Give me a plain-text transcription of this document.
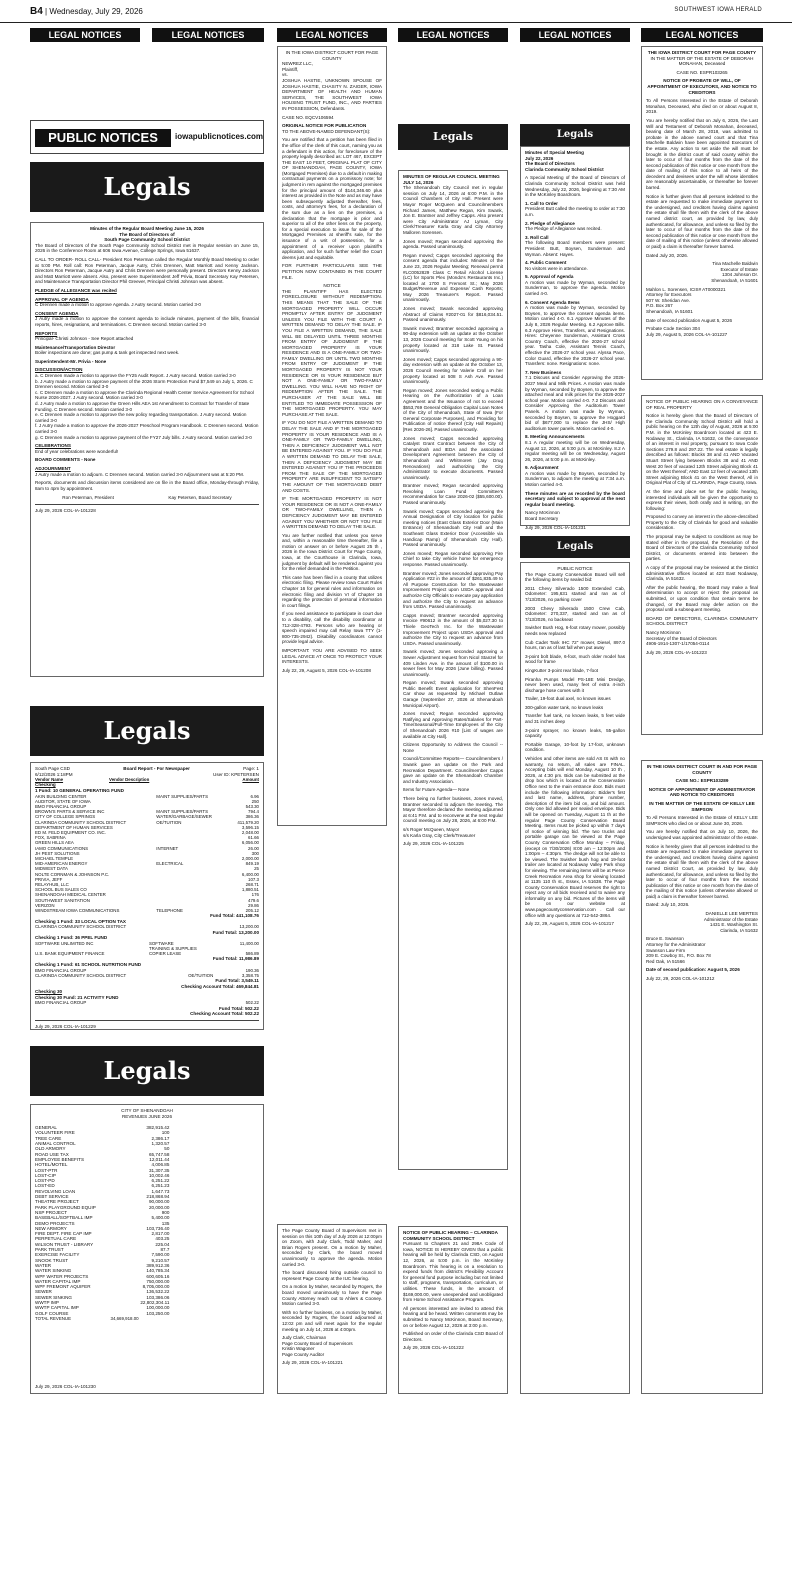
B4 | Wednesday, July 29, 2026	SOUTHWEST IOWA HERALD
LEGAL NOTICES	LEGAL NOTICES	LEGAL NOTICES	LEGAL NOTICES	LEGAL NOTICES	LEGAL NOTICES
PUBLIC NOTICES	iowapublicnotices.com
Legals
Minutes of the Regular Board Meeting June 15, 2026
The Board of Directors of
South Page Community School District

The Board of Directors of the South Page Community School District met in Regular session on June 15, 2026 in the Conference Room at 606 Iowa Avenue, College Springs, Iowa 51637.

CALL TO ORDER- ROLL CALL- President Ron Peterman called the Regular Monthly Board Meeting to order at 5:00 PM. Roll call: Ron Peterman, Jacque Autry, Chris Drennen, Matt Marriott and Kenny Jackson. Directors Ron Peterman, Jacque Autry and Chris Drennen were personally present. Directors Kenny Jackson and Matt Marriott were absent. Also, present were Superintendent Jeff Privia, Board Secretary Kay Petersen, and Maintenance Transportation Director Phil Greever, Principal Christi Johnson was absent.

PLEDGE of ALLEGIANCE was recited

APPROVAL OF AGENDA

C Drennen made a motion to approve Agenda. J Autry second. Motion carried 3-0

CONSENT AGENDA

J Autry made a motion to approve the consent agenda to include minutes, payment of the bills, financial reports, hires, resignations, and terminations. C Drennen second. Motion carried 3-0

REPORTS

Principal- Christi Johnson - See Report attached

Maintenance/Transportation Director

Boiler inspections are done; gas pump & tank get inspected next week.

Superintendent-Mr. Privia - None

DISCUSSION/ACTION
a. C Drennen made a motion to approve the FY25 Audit Report. J Autry second. Motion carried 3-0
b. J Autry made a motion to approve payment of the 2026 Storm Protection Fund $7,549 on July 1, 2026. C Drennen second. Motion carried 3-0
c. C Drennen made a motion to approve the Clarinda Regional Health Center Service Agreement for School Nurse 2026-2027. J Autry second. Motion carried 3-0
d. J Autry made a motion to approve the Green Hills AEA 1st Amendment to Contract for Transfer of State Funding. C Drennen second. Motion carried 3-0
e. C Drennen made a motion to approve the new policy regarding transportation. J Autry second. Motion carried 3-0
f. J Autry made a motion to approve the 2026-2027 Preschool Program Handbook. C Drennen second. Motion carried 3-0

g. C Drennen made a motion to approve payment of the FY27 July bills. J Autry second. Motion carried 3-0

CELEBRATIONS

End of year celebrations were wonderful!

BOARD COMMENTS - None

ADJOURNMENT

J Autry made a motion to adjourn. C Drennen second. Motion carried 3-0 Adjournment was at 5:20 PM.

Reports, documents and discussion items considered are on file in the Board office, Monday-through Friday, 8am to 4pm by appointment.

Ron Peterman, President	Kay Petersen, Board Secretary
July 29, 2026 COL-IA-101228
Legals
South Page CSD	Board Report - For Newspaper	Page: 1
6/12/2026 1:18PM	User ID: KPETERSEN
Vendor Name	Vendor Description	Amount
Checking
1 Fund: 10 GENERAL OPERATING FUND
AKIN BUILDING CENTER	MAINT SUPPLIES/PARTS	6.96
AUDITOR, STATE OF IOWA		250
BMO FINANCIAL GROUP		543.30
BROWN'S PARTS & SERVICE INC	MAINT SUPPLIES/PARTS	794.4
CITY OF COLLEGE SPRINGS	WATER/GARBAGE/SEWER	386.36
CLARINDA COMMUNITY SCHOOL DISTRICT	OE/TUITION	411,579.20
DEPARTMENT OF HUMAN SERVICES		3,596.15
ED M. FELD EQUIPMENT CO. INC.		2,048.00
FOX, SABRINA		61.66
GREEN HILLS AEA		6,056.00
IAMO COMMUNICATIONS	INTERNET	26.00
JH PEST SOLUTIONS		300
MICHAEL TEMPLE		2,000.00
MID-AMERICAN ENERGY	ELECTRICAL	849.19
MIDWEST DATA		25
NOLTE CORNMAN & JOHNSON P.C.		6,400.00
PRIVIA, JEFF		107.3
RELAYHUB, LLC		268.71
SCHOOL BUS SALES CO		1,880.51
SHENANDOAH MEDICAL CENTER		176
SOUTHWEST SANITATION		479.6
VERIZON		29.86
WINDSTREAM IOWA COMMUNICATIONS	TELEPHONE	205.12
Fund Total: 441,108.76
Checking 1 Fund: 33 LOCAL OPTION TAX
CLARINDA COMMUNITY SCHOOL DISTRICT		13,200.00
Fund Total: 13,200.00
Checking 1 Fund: 36 PPEL FUND
SOFTWARE UNLIMITED INC	SOFTWARE	11,400.00
	TRAINING & SUPPLIES	
U.S. BANK EQUIPMENT FINANCE	COPIER LEASE	586.89
Fund Total: 11,986.89
Checking 1 Fund: 61 SCHOOL NUTRITION FUND
BMO FINANCIAL GROUP		190.36
CLARINDA COMMUNITY SCHOOL DISTRICT	OE/TUITION	3,358.75
Fund Total: 3,549.11
Checking Account Total: 469,844.81
Checking 30
Checking 30 Fund: 21 ACTIVITY FUND
BMO FINANCIAL GROUP		502.22
Fund Total: 502.22
Checking Account Total: 502.22
July 29, 2026 COL-IA-101229
Legals
CITY OF SHENANDOAH
REVENUES JUNE 2026
GENERAL	382,915.42
VOLUNTEER FIRE	100
TREE CARE	2,386.17
ANIMAL CONTROL	1,320.57
OLD ARMORY	50
ROAD USE TAX	65,747.58
EMPLOYEE BENEFITS	12,011.44
HOTEL/MOTEL	4,006.85
LOST-PTR	31,307.35
LOST-CIP	10,002.46
LOST-PD	6,251.22
LOST-ED	6,251.23
REVOLVING LOAN	1,647.73
DEBT SERVICE	218,868.94
THEATRE PROJECT	90,000.00
PARK PLAYGROUND EQUIP	20,000.00
NSP PROJECT	900
BASEBALL/SOFTBALL IMP	5,400.00
DEMO PROJECTS	135
NEW ARMORY	103,736.40
FIRE DEPT. FIRE CAP IMP	2,817.00
PERPETUAL CARE	403.25
WILSON TRUST - LIBRARY	225.04
PARK TRUST	87.7
EXERCISE FACILITY	7,590.00
SNOOK TRUST	9,210.57
WATER	389,912.36
WATER SINKING	140,785.34
WPF WATER PROJECTS	600,605.16
WATER CAPITAL IMP	750,000.00
WPF FREMONT AQUIFER	8,705,000.00
SEWER	136,532.22
SEWER SINKING	103,386.06
WWTP IMP	22,802,304.11
WWTP CAPITAL IMP	100,000.00
GOLF COURSE	103,250.00
TOTAL REVENUE	34,669,918.00
July 29, 2026 COL-IA-101230
IN THE IOWA DISTRICT COURT FOR PAGE COUNTY
NEWREZ LLC,
Plaintiff,
vs.

JOSHUA HASTIE, UNKNOWN SPOUSE OF JOSHUA HASTIE, CHASITY N. ZAIGER, IOWA DEPARTMENT OF HEALTH AND HUMAN SERVICES, THE SOUTHWEST IOWA HOUSING TRUST FUND, INC., AND PARTIES IN POSSESSION, Defendants.

CASE NO. EQCV106594

ORIGINAL NOTICE FOR PUBLICATION

TO THE ABOVE-NAMED DEFENDANT(S):

You are notified that a petition has been filed in the office of the clerk of this court, naming you as a defendant in this action, for foreclosure of the property legally described as: LOT 467, EXCEPT THE EAST 10 FEET, ORIGINAL PLAT OF CITY OF SHENANDOAH, PAGE COUNTY, IOWA (Mortgaged Premises) due to a default in making contractual payments on a promissory note; for judgment in rem against the mortgaged premises for the principal amount of $144,346.60 plus interest as provided in the Note and as may have been subsequently adjusted thereafter, fees, costs, and attorney's fees, for a declaration of the sum due as a lien on the premises, a declaration that the mortgage is prior and superior to all of the other liens on the property, for a special execution to issue for sale of the Mortgaged Premises at sheriff's sale, for the issuance of a writ of possession, for a appointment of a receiver upon plaintiff's application, and for such further relief the Court deems just and equitable.

FOR FURTHER PARTICULARS SEE THE PETITION NOW CONTAINED IN THE COURT FILE.

NOTICE

THE PLAINTIFF HAS ELECTED FORECLOSURE WITHOUT REDEMPTION. THIS MEANS THAT THE SALE OF THE MORTGAGED PROPERTY WILL OCCUR PROMPTLY AFTER ENTRY OF JUDGMENT UNLESS YOU FILE WITH THE COURT A WRITTEN DEMAND TO DELAY THE SALE. IF YOU FILE A WRITTEN DEMAND, THE SALE WILL BE DELAYED UNTIL THREE MONTHS FROM ENTRY OF JUDGMENT IF THE MORTGAGED PROPERTY IS YOUR RESIDENCE AND IS A ONE-FAMILY OR TWO-FAMILY DWELLING OR UNTIL TWO MONTHS FROM ENTRY OF JUDGMENT IF THE MORTGAGED PROPERTY IS NOT YOUR RESIDENCE OR IS YOUR RESIDENCE BUT NOT A ONE-FAMILY OR TWO-FAMILY DWELLING. YOU WILL HAVE NO RIGHT OF REDEMPTION AFTER THE SALE. THE PURCHASER AT THE SALE WILL BE ENTITLED TO IMMEDIATE POSSESSION OF THE MORTGAGED PROPERTY. YOU MAY PURCHASE AT THE SALE.

IF YOU DO NOT FILE A WRITTEN DEMAND TO DELAY THE SALE AND IF THE MORTGAGED PROPERTY IS YOUR RESIDENCE AND IS A ONE-FAMILY OR TWO-FAMILY DWELLING, THEN A DEFICIENCY JUDGMENT WILL NOT BE ENTERED AGAINST YOU. IF YOU DO FILE A WRITTEN DEMAND TO DELAY THE SALE, THEN A DEFICIENCY JUDGMENT MAY BE ENTERED AGAINST YOU IF THE PROCEEDS FROM THE SALE OF THE MORTGAGED PROPERTY ARE INSUFFICIENT TO SATISFY THE AMOUNT OF THE MORTGAGED DEBT AND COSTS.

IF THE MORTGAGED PROPERTY IS NOT YOUR RESIDENCE OR IS NOT A ONE-FAMILY OR TWO-FAMILY DWELLING, THEN A DEFICIENCY JUDGMENT MAY BE ENTERED AGAINST YOU WHETHER OR NOT YOU FILE A WRITTEN DEMAND TO DELAY THE SALE.

You are further notified that unless you serve and, within a reasonable time thereafter, file a motion or answer on or before August 25 th , 2026 in the Iowa District Court for Page County, Iowa, at the Courthouse in Clarinda, Iowa, judgment by default will be rendered against you for the relief demanded in the Petition.

This case has been filed in a county that utilizes electronic filing. Please review Iowa Court Rules Chapter 16 for general rules and information on electronic filing and division VI of Chapter 16 regarding the protection of personal information in court filings.

If you need assistance to participate in court due to a disability, call the disability coordinator at 712-328-4793. Persons who are hearing or speech impaired may call Relay Iowa TTY (1-800-735-2942). Disability coordinators cannot provide legal advice.

IMPORTANT: YOU ARE ADVISED TO SEEK LEGAL ADVICE AT ONCE TO PROTECT YOUR INTERESTS.

July 22, 29, August 5, 2026 COL-IA-101208

The Page County Board of Supervisors met in session on this 10th day of July 2026 at 12:00pm on Zoom, with Judy Clark, Todd Maher, and Brian Rogers present. On a motion by Maher, seconded by Clark, the board moved unanimously to approve the agenda. Motion carried 3-0.

The board discussed hiring outside council to represent Page County at the IUC hearing.

On a motion by Maher, seconded by Rogers, the board moved unanimously to have the Page County Attorney reach out to Ahlers & Cooney. Motion carried 3-0.

With no further business, on a motion by Maher, seconded by Rogers, the board adjourned at 12:02 pm and will meet again for the regular meeting on July 14, 2026 at 4:00pm.

Judy Clark, Chairman
Page County Board of Supervisors
Kristin Wagoner
Page County Auditor

July 29, 2026 COL-IA-101221
Legals
MINUTES OF REGULAR COUNCIL MEETING JULY 14, 2026

The Shenandoah City Council met in regular session on July 14, 2026 at 6:00 P.M. in the Council Chambers of City Hall. Present were Mayor Roger McQueen and Councilmembers Richard James, Matthew Regan, Kim Swank, Jon E. Brantner and Jeffrey Capps. Also present were City Administrator AJ Lyman, City Clerk/Treasurer Karla Gray and City Attorney Malloren Sorensen.

Jones moved; Regan seconded approving the agenda. Passed unanimously.

Regan moved; Capps seconded approving the consent agenda that includes: Minutes of the June 23, 2026 Regular Meeting; Renewal permit #LC0052829 Class C Retail Alcohol License (LC) for Sports Plex (Mondo's Restaurants Inc.) located at 1700 S Fremont St.; May 2026 Budget/Revenue and Expense/ Cash Reports; May 2026 Treasurer's Report. Passed unanimously.

Jones moved; Swank seconded approving Abstract of Claims #2027-01 for $816,034.51. Passed unanimously.

Swank moved; Brantner seconded approving a 90-day extension with an update at the October 13, 2026 Council meeting for Scott Young on his property located at 318 Lake St. Passed unanimously.

Jones moved; Capps seconded approving a 90-day extension with an update at the October 13, 2026 Council meeting for Valerie Croll on her property located at 508 S Ash Ave. Passed unanimously.

Regan moved; Jones seconded setting a Public Hearing on the Authorization of a Loan Agreement and the Issuance of not to exceed $553,769 General Obligation Capital Loan Notes of the City of Shenandoah, State of Iowa (For General Corporate Purposes), and Providing for Publication of notice thereof (City Hall Repairs) [Res 2026-26]. Passed unanimously.

Jones moved; Capps seconded approving Catalyst Grant Contract between the City of Shenandoah and IEDA and the associated Development Agreement between the City of Shenandoah and Whitmore6 (Jay Drug Renovations) and authorizing the City Administrator to execute documents. Passed unanimously.

Brantner moved; Regan seconded approving Revolving Loan Fund Committee's recommendation for Case 2026-02 ($55,600.00). Passed unanimously.

Swank moved; Capps seconded approving the Annual Designation of City location for public meeting notices (East Glass Exterior Door (Main Entrance) of Shenandoah City Hall and the Southeast Glass Exterior Door (Accessible via Handicap Ramp) of Shenandoah City Hall). Passed unanimously.

Jones moved; Regan seconded approving Fire Chief to take City vehicle home for emergency response. Passed unanimously.

Brantner moved; Jones seconded approving Pay Application #22 in the amount of $261,835.49 to All Purpose Construction for the Wastewater Improvement Project upon USDA approval and authorize City Officials to execute pay application and authorize the City to request an advance from USDA. Passed unanimously.

Capps moved; Brantner seconded approving Invoice #90612 in the amount of $5,027.30 to Thiele GeoTech Inc. for the Wastewater Improvement Project upon USDA approval and authorize the City to request an advance from USDA. Passed unanimously.

Swank moved; Jones seconded approving a Sewer Adjustment request from Nicol Stanzel for 409 Linden Ave. in the amount of $100.00 in sewer fees for May 2026 (June billing). Passed unanimously.

Regan moved; Swank seconded approving Public Benefit Event application for ShenFest Car show as requested by Michael Outlaw Garage (September 27, 2026 at Shenandoah Municipal Airport).

Jones moved; Regan seconded approving Ratifying and Approving Rates/Salaries for Part-Time/Seasonal/Full-Time Employees of the City of Shenandoah 2026 #10 [List of wages are available at City Hall].

Citizens Opportunity to Address the Council -- None

Council/Committee Reports— Councilmembers / Swank gave an update on the Park and Recreation Department. Councilmember Capps gave an update on the Shenandoah Chamber and Industry Association.

Items for Future Agenda— None

There being no further business, Jones moved, Brantner seconded to adjourn the meeting. The Mayor therefore declared the meeting adjourned at 6:41 P.M. and to reconvene at the next regular council meeting on July 28, 2026, at 6:00 P.M.

s/s Roger McQueen, Mayor
s/s Karla Gray, City Clerk/Treasurer

July 29, 2026 COL-IA-101225
NOTICE OF PUBLIC HEARING – CLARINDA COMMUNITY SCHOOL DISTRICT

Pursuant to Chapters 21 and 298A Code of Iowa, NOTICE IS HEREBY GIVEN that a public hearing will be held by Clarinda CSD, on August 12, 2026, at 5:00 p.m. in the McKinley Boardroom. This hearing is on a resolution to expend funds from district's Flexibility Account for general fund purpose including but not limited to staff, programs, transportation, curriculum, or utilities. These funds, in the amount of $169,000.00, were unexpended and unobligated from Home School Assistance Program.

All persons interested are invited to attend this hearing and be heard. Written comments may be submitted to Nancy McKinnon, Board Secretary, on or before August 12, 2026 at 3:00 p.m.

Published on order of the Clarinda CSD Board of Directors.

July 29, 2026 COL-IA-101222
Legals
Minutes of Special Meeting
July 22, 2026
The Board of Directors

Clarinda Community School District

A Special Meeting of the Board of Directors of Clarinda Community School District was held Wednesday, July 22, 2026, beginning at 7:30 AM in the McKinley Boardroom.

1. Call to Order

President Butt called the meeting to order at 7:30 a.m.

2. Pledge of Allegiance

The Pledge of Allegiance was recited.

3. Roll Call

The following Board members were present: President Butt, Boysen, Sunderman and Wyman. Absent: Hayes.

4. Public Comment

No visitors were in attendance.

5. Approval of Agenda

A motion was made by Wyman, seconded by Sunderman, to approve the agenda. Motion carried 4-0.

6. Consent Agenda Items

A motion was made by Wyman, seconded by Boysen, to approve the consent agenda items. Motion carried 4-0. 6.1 Approve Minutes of the July 8, 2026 Regular Meeting. 6.2 Approve Bills. 6.3 Approve Hires, Transfers, and Resignations. Hires: Cheyenne Sunderman, Assistant Cross Country Coach, effective the 2026-27 school year. Tasha Cole, Assistant Tennis Coach, effective the 2026-27 school year. Alyssa Pace, Color Guard, effective the 2026-27 school year. Transfers: none. Resignations: none.

7. New Business

7.1 Discuss and Consider Approving the 2026-2027 Meal and Milk Prices. A motion was made by Wyman, seconded by Boysen, to approve the attached meal and milk prices for the 2026-2027 school year. Motion carried 4-0. 7.2 Discuss and Consider Approving the Auditorium Tower Panels. A motion was made by Wyman, seconded by Boysen, to approve the Hoggard bid of $677,000 to replace the JHS/ High auditorium tower panels. Motion carried 4-0.

8. Meeting Announcements

8.1 A regular meeting will be on Wednesday, August 12, 2026, at 5:00 p.m. at McKinley. 8.2 A regular meeting will be on Wednesday, August 26, 2026, at 5:00 p.m. at McKinley.

9. Adjournment

A motion was made by Boysen, seconded by Sunderman, to adjourn the meeting at 7:34 a.m. Motion carried 4-0.

These minutes are as recorded by the board secretary and subject to approval at the next regular board meeting.

Nancy McKinnon
Board Secretary

July 29, 2026 COL-IA-101231
Legals
PUBLIC NOTICE

The Page County Conservation Board will sell the following items by sealed bid:

2011 Chevy Silverado 1500 Extended Cab, Odometer: 195,631 started and ran as of 7/13/2026, no parking cover

2003 Chevy Silverado 1500 Crew Cab, Odometer: 270,337, started and ran as of 7/13/2026, no backseat

Swisher Bush Hog, 6-foot rotary mower, possibly needs new replaced

Cub Cadet Tank IHC 72" mower, Diesel, 897.0 hours, ran as of last fall when put away

3-point bolt blade, 6-foot, much older model has wood for frame

KingKutter 3-point rear blade, 7-foot

Piranha Pumps Model PS-18E Mini Dredge, never been used, many feet of extra 4-inch discharge hose comes with it

Trailer, 19-foot dual axel, no known issues

300-gallon water tank, no known leaks

Transfer fuel tank, no known leaks, 5 feet wide and 31 inches deep

3-point sprayer, no known leaks, 55-gallon capacity

Portable Garage, 10-foot by 17-foot, unknown condition.

Vehicles and other items are sold AS IS with no warranty, no return, all sales are FINAL. Accepting bids will end Monday, August 10 th , 2026, at 4:30 pm. Bids can be submitted at the drop box which is located at the Conservation Office next to the main entrance door. Bids must include the following information: Bidder's first and last name, address, phone number, description of the item bid on, and bid amount. Only one bid allowed per sealed envelope. Bids will be opened on Tuesday, August 11 th at the regular Page County Conservation Board Meeting. Items must be picked up within 7 days of notice of winning bid. The two trucks and portable garage can be viewed at the Page County Conservation Office Monday – Friday, (except on 7/30/2026) 8:00 am – 12:00pm and 1:00pm – 4:30pm. The dredge will not be able to be viewed. The Swisher bush hog and 19-foot trailer are located at Nodaway Valley Park shop for viewing. The remaining items will be at Pierce Creek Recreation Area shop for viewing located at 1135 110 th st., Essex, IA 51638. The Page County Conservation Board reserves the right to reject any or all bids received and to waive any informality on any bid. Pictures of the items will be on our website at www.pagecountyconservation.com . Call our office with any questions at 712-542-3864.

July 22, 29, August 5, 2026 COL-IA-101217
THE IOWA DISTRICT COURT FOR PAGE COUNTY

IN THE MATTER OF THE ESTATE OF DEBORAH MONAHAN, Deceased

CASE NO. ESPR103265

NOTICE OF PROBATE OF WILL, OF APPOINTMENT OF EXECUTORS, AND NOTICE TO CREDITORS

To All Persons Interested in the Estate of Deborah Monahan, Deceased, who died on or about August 8, 2019.

You are hereby notified that on July 6, 2026, the Last Will and Testament of Deborah Monahan, deceased, bearing date of March 28, 2018, was admitted to probate in the above named court and that Tina Machelle Baldwin have been appointed Executors of the estate. Any action to set aside the will must be brought in the district court of said county within the later to occur of four months from the date of the second publication of this notice or one month from the date of mailing of this notice to all heirs of the decedent and devisees under the will whose identities are reasonably ascertainable, or thereafter be forever barred.

Notice is further given that all persons indebted to the estate are requested to make immediate payment to the undersigned, and creditors having claims against the estate shall file them with the clerk of the above named district court, as provided by law, duly authenticated, for allowance, and unless so filed by the later to occur of four months from the date of the second publication of this notice or one month from the date of mailing of this notice (unless otherwise allowed or paid) a claim is thereafter forever barred.

Dated July 20, 2026.

Tina Machelle Baldwin
Executor of Estate
1304 Johnson Dr.
Shenandoah, IA 51601

Mahlon L. Sorensen, ICIS# AT0000321
Attorney for Executors
507 W. Sheridan Ave.
P.O. Box 267
Shenandoah, IA 51601

Date of second publication August 5, 2026

Probate Code Section 304
July 29, August 5, 2026 COL-IA-101227

NOTICE OF PUBLIC HEARING ON A CONVEYANCE OF REAL PROPERTY

Notice is hereby given that the Board of Directors of the Clarinda Community School District will hold a public hearing on the 12th day of August, 2026 at 5:00 P.M. in the McKinley Boardroom located at 423 E. Nodaway St., Clarinda, IA 51632, on the conveyance of an interest in real property, pursuant to Iowa Code Sections 279.8 and 297.22. The real estate is legally described as follows: Blocks 38 and 41 AND Vacated Stuart Street lying between Blocks 38 and 41 AND West 20 feet of vacated 12th Street adjoining Block 41 on the West thereof; AND East 12 feet of vacated 13th Street adjoining Block 41 on the West thereof, All in Original Plat of City of CLARINDA, Page County, Iowa.

At the time and place set for the public hearing, interested individuals will be given the opportunity to express their views, both orally and in writing, on the following:

Proposed to convey an interest in the above-described Property to the City of Clarinda for good and valuable consideration.

The proposal may be subject to conditions as may be stated either in the proposal, the Resolution of the Board of Directors of the Clarinda Community School District, or documents entered into between the parties.

A copy of the proposal may be reviewed at the District administrative offices located at 423 East Nodaway, Clarinda, IA 51632.

After the public hearing, the Board may make a final determination to accept or reject the proposal as submitted, or upon condition that certain terms be changed, or the Board may defer action on the proposal until a subsequent meeting.

BOARD OF DIRECTORS, CLARINDA COMMUNITY SCHOOL DISTRICT

Nancy McKinnon
Secretary of the Board of Directors
4906-1914-1307-1/17054-0114

July 29, 2026 COL-IA-101223

IN THE IOWA DISTRICT COURT IN AND FOR PAGE COUNTY

CASE NO.: ESPR103289

NOTICE OF APPOINTMENT OF ADMINISTRATOR AND NOTICE TO CREDITORS

IN THE MATTER OF THE ESTATE OF KELLY LEE SIMPSON

To All Persons Interested in the Estate of KELLY LEE SIMPSON who died on or about June 30, 2026.

You are hereby notified that on July 10, 2026, the undersigned was appointed administrator of the estate.

Notice is hereby given that all persons indebted to the estate are requested to make immediate payment to the undersigned, and creditors having claims against the estate shall file them with the clerk of the above named District Court, as provided by law, duly authenticated, for allowance, and unless so filed by the later to occur of four months from the second publication of this notice or one month from the date of the mailing of this notice (unless otherwise allowed or paid) a claim is thereafter forever barred.

Dated: July 10, 2026.

DANIELLE LEE MERTES
Administrator of the Estate
1431 E. Washington St.
Clarinda, IA 51632

Bruce E. Swanson
Attorney for the Administrator
Swanson Law Firm
209 E. Cowboy St., P.O. Box 78
Red Oak, IA 51566

Date of second publication: August 5, 2026

July 22, 29, 2026 COL-IA-101212
